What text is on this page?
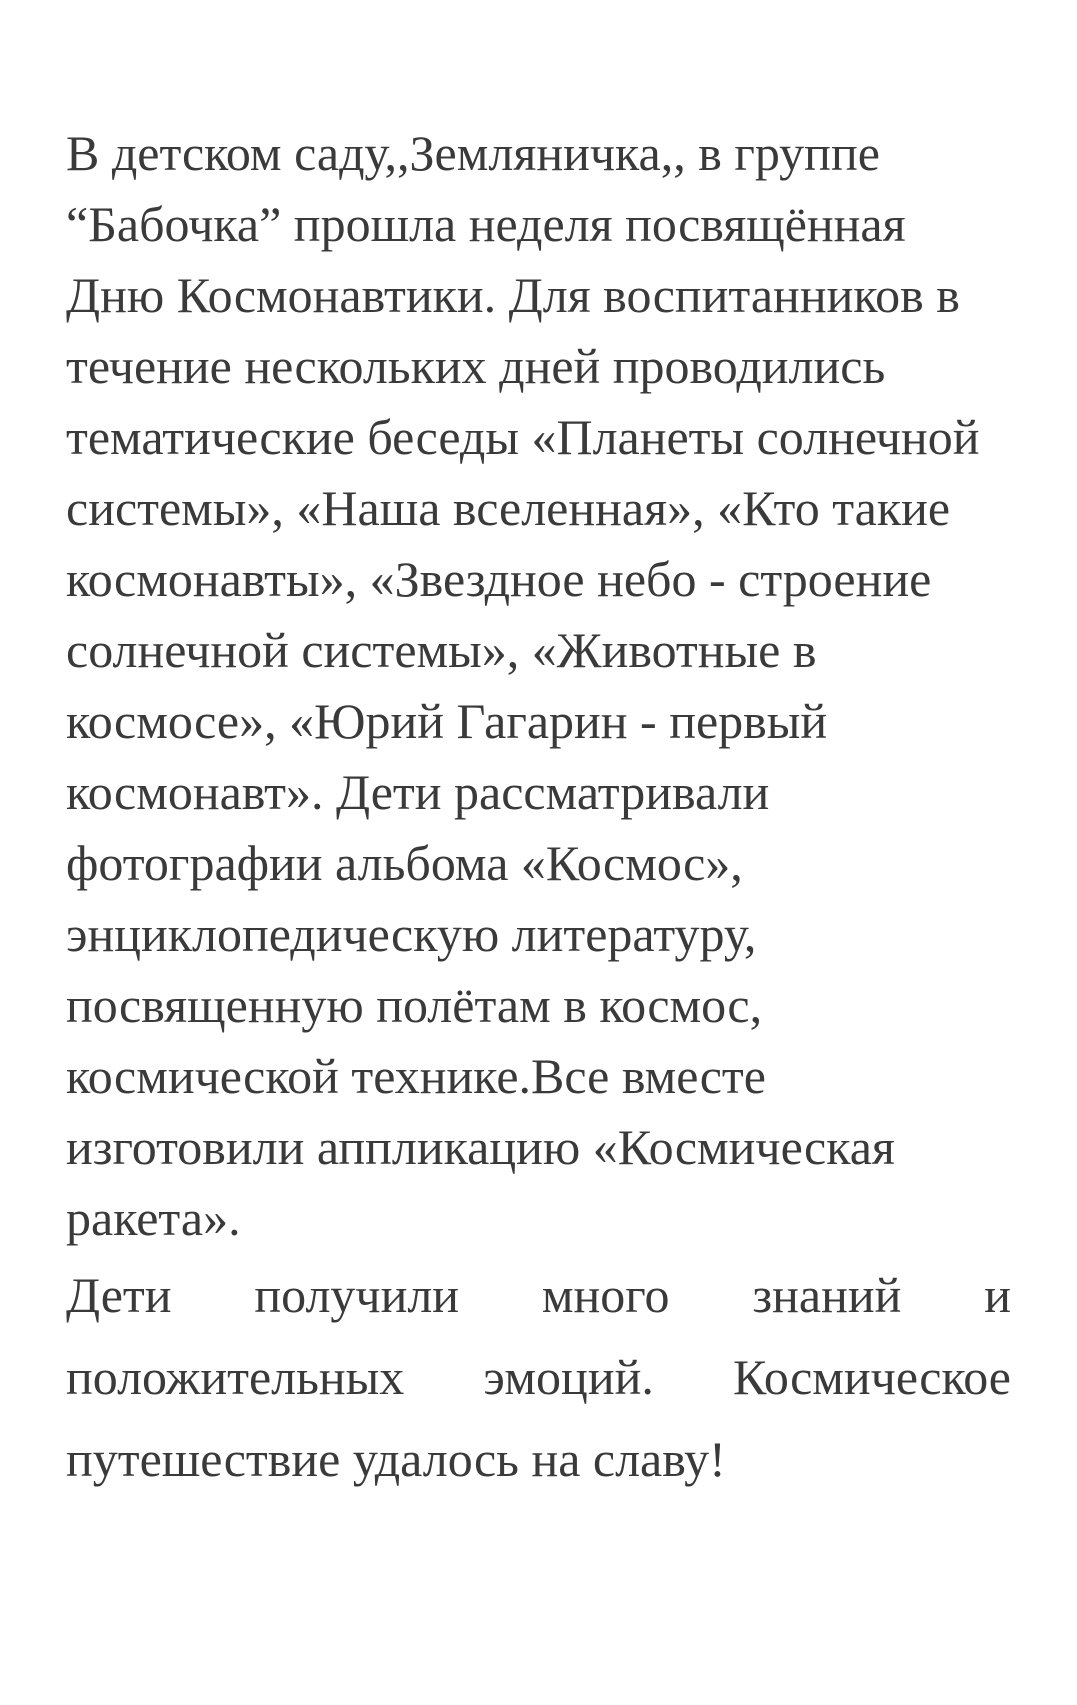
В детском саду,,Земляничка,, в группе “Бабочка” прошла неделя посвящённая Дню Космонавтики. Для воспитанников в течение нескольких дней проводились тематические беседы «Планеты солнечной системы», «Наша вселенная», «Кто такие космонавты», «Звездное небо - строение солнечной системы», «Животные в космосе», «Юрий Гагарин - первый космонавт». Дети рассматривали фотографии альбома «Космос»,  энциклопедическую литературу, посвященную полётам в космос, космической технике.Все вместе изготовили аппликацию «Космическая ракета».

Дети получили много знаний и положительных эмоций. Космическое путешествие удалось на славу!
